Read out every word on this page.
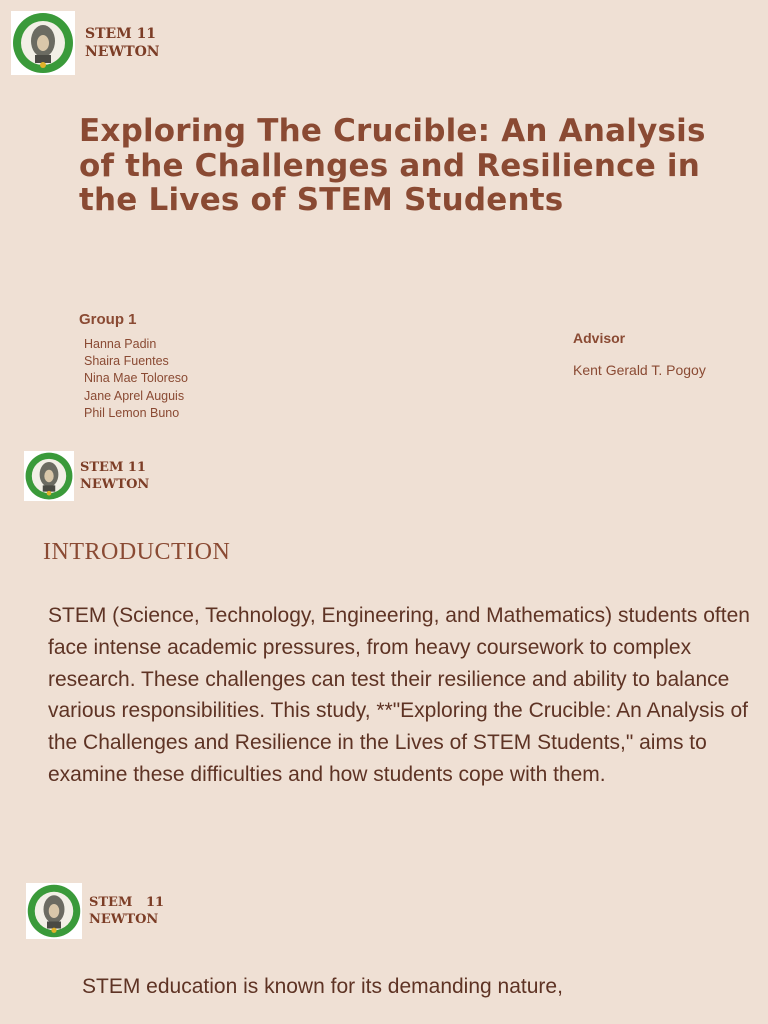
STEM 11
NEWTON
Exploring The Crucible: An Analysis of the Challenges and Resilience in the Lives of STEM Students
Group 1
Hanna Padin
Shaira Fuentes
Nina Mae Toloreso
Jane Aprel Auguis
Phil Lemon Buno
Advisor
Kent Gerald T. Pogoy
STEM 11
NEWTON
INTRODUCTION

STEM (Science, Technology, Engineering, and Mathematics) students often face intense academic pressures, from heavy coursework to complex research. These challenges can test their resilience and ability to balance various responsibilities. This study, **"Exploring the Crucible: An Analysis of the Challenges and Resilience in the Lives of STEM Students," aims to examine these difficulties and how students cope with them.

STEM   11
NEWTON

STEM education is known for its demanding nature,
